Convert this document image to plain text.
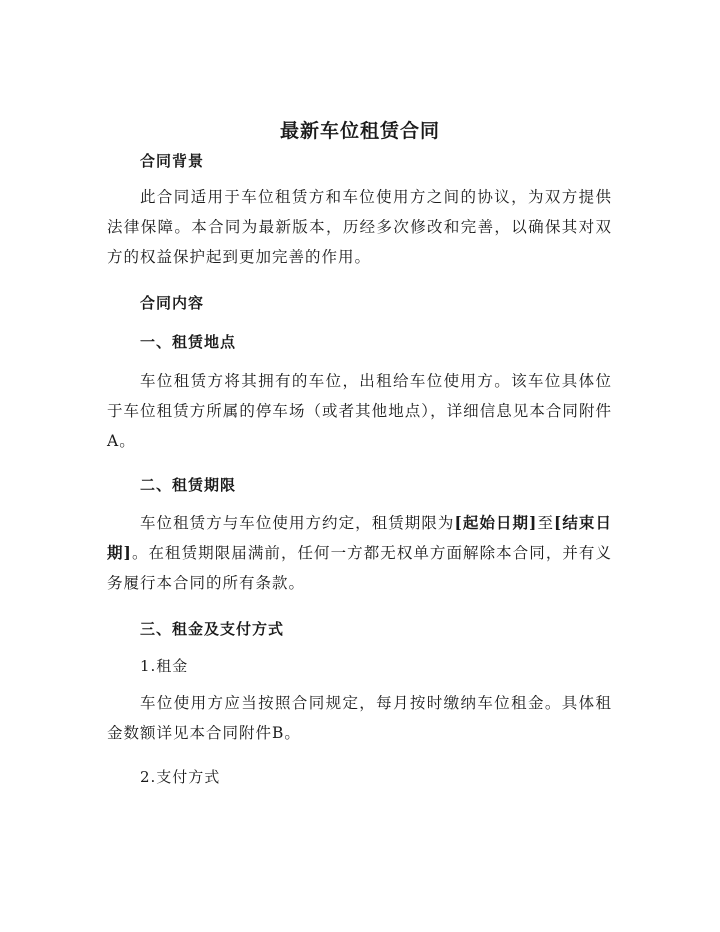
最新车位租赁合同
合同背景
此合同适用于车位租赁方和车位使用方之间的协议，为双方提供法律保障。本合同为最新版本，历经多次修改和完善，以确保其对双方的权益保护起到更加完善的作用。
合同内容
一、租赁地点
车位租赁方将其拥有的车位，出租给车位使用方。该车位具体位于车位租赁方所属的停车场（或者其他地点），详细信息见本合同附件A。
二、租赁期限
车位租赁方与车位使用方约定，租赁期限为[起始日期]至[结束日期]。在租赁期限届满前，任何一方都无权单方面解除本合同，并有义务履行本合同的所有条款。
三、租金及支付方式
1.租金
车位使用方应当按照合同规定，每月按时缴纳车位租金。具体租金数额详见本合同附件B。
2.支付方式
